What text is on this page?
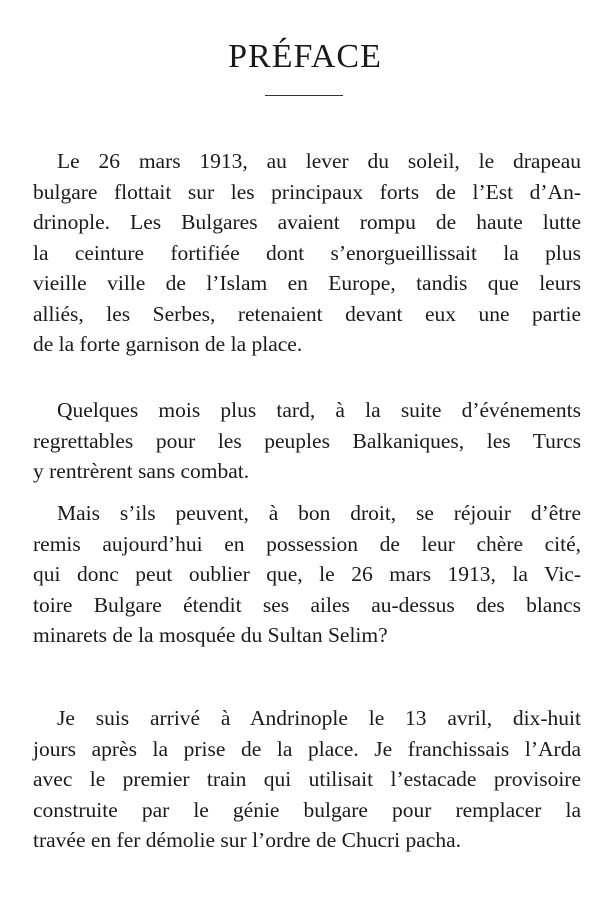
PRÉFACE
Le 26 mars 1913, au lever du soleil, le drapeau
bulgare flottait sur les principaux forts de l’Est d’An-
drinople. Les Bulgares avaient rompu de haute lutte
la ceinture fortifiée dont s’enorgueillissait la plus
vieille ville de l’Islam en Europe, tandis que leurs
alliés, les Serbes, retenaient devant eux une partie
de la forte garnison de la place.
Quelques mois plus tard, à la suite d’événements
regrettables pour les peuples Balkaniques, les Turcs
y rentrèrent sans combat.
Mais s’ils peuvent, à bon droit, se réjouir d’être
remis aujourd’hui en possession de leur chère cité,
qui donc peut oublier que, le 26 mars 1913, la Vic-
toire Bulgare étendit ses ailes au-dessus des blancs
minarets de la mosquée du Sultan Selim?
Je suis arrivé à Andrinople le 13 avril, dix-huit
jours après la prise de la place. Je franchissais l’Arda
avec le premier train qui utilisait l’estacade provisoire
construite par le génie bulgare pour remplacer la
travée en fer démolie sur l’ordre de Chucri pacha.
